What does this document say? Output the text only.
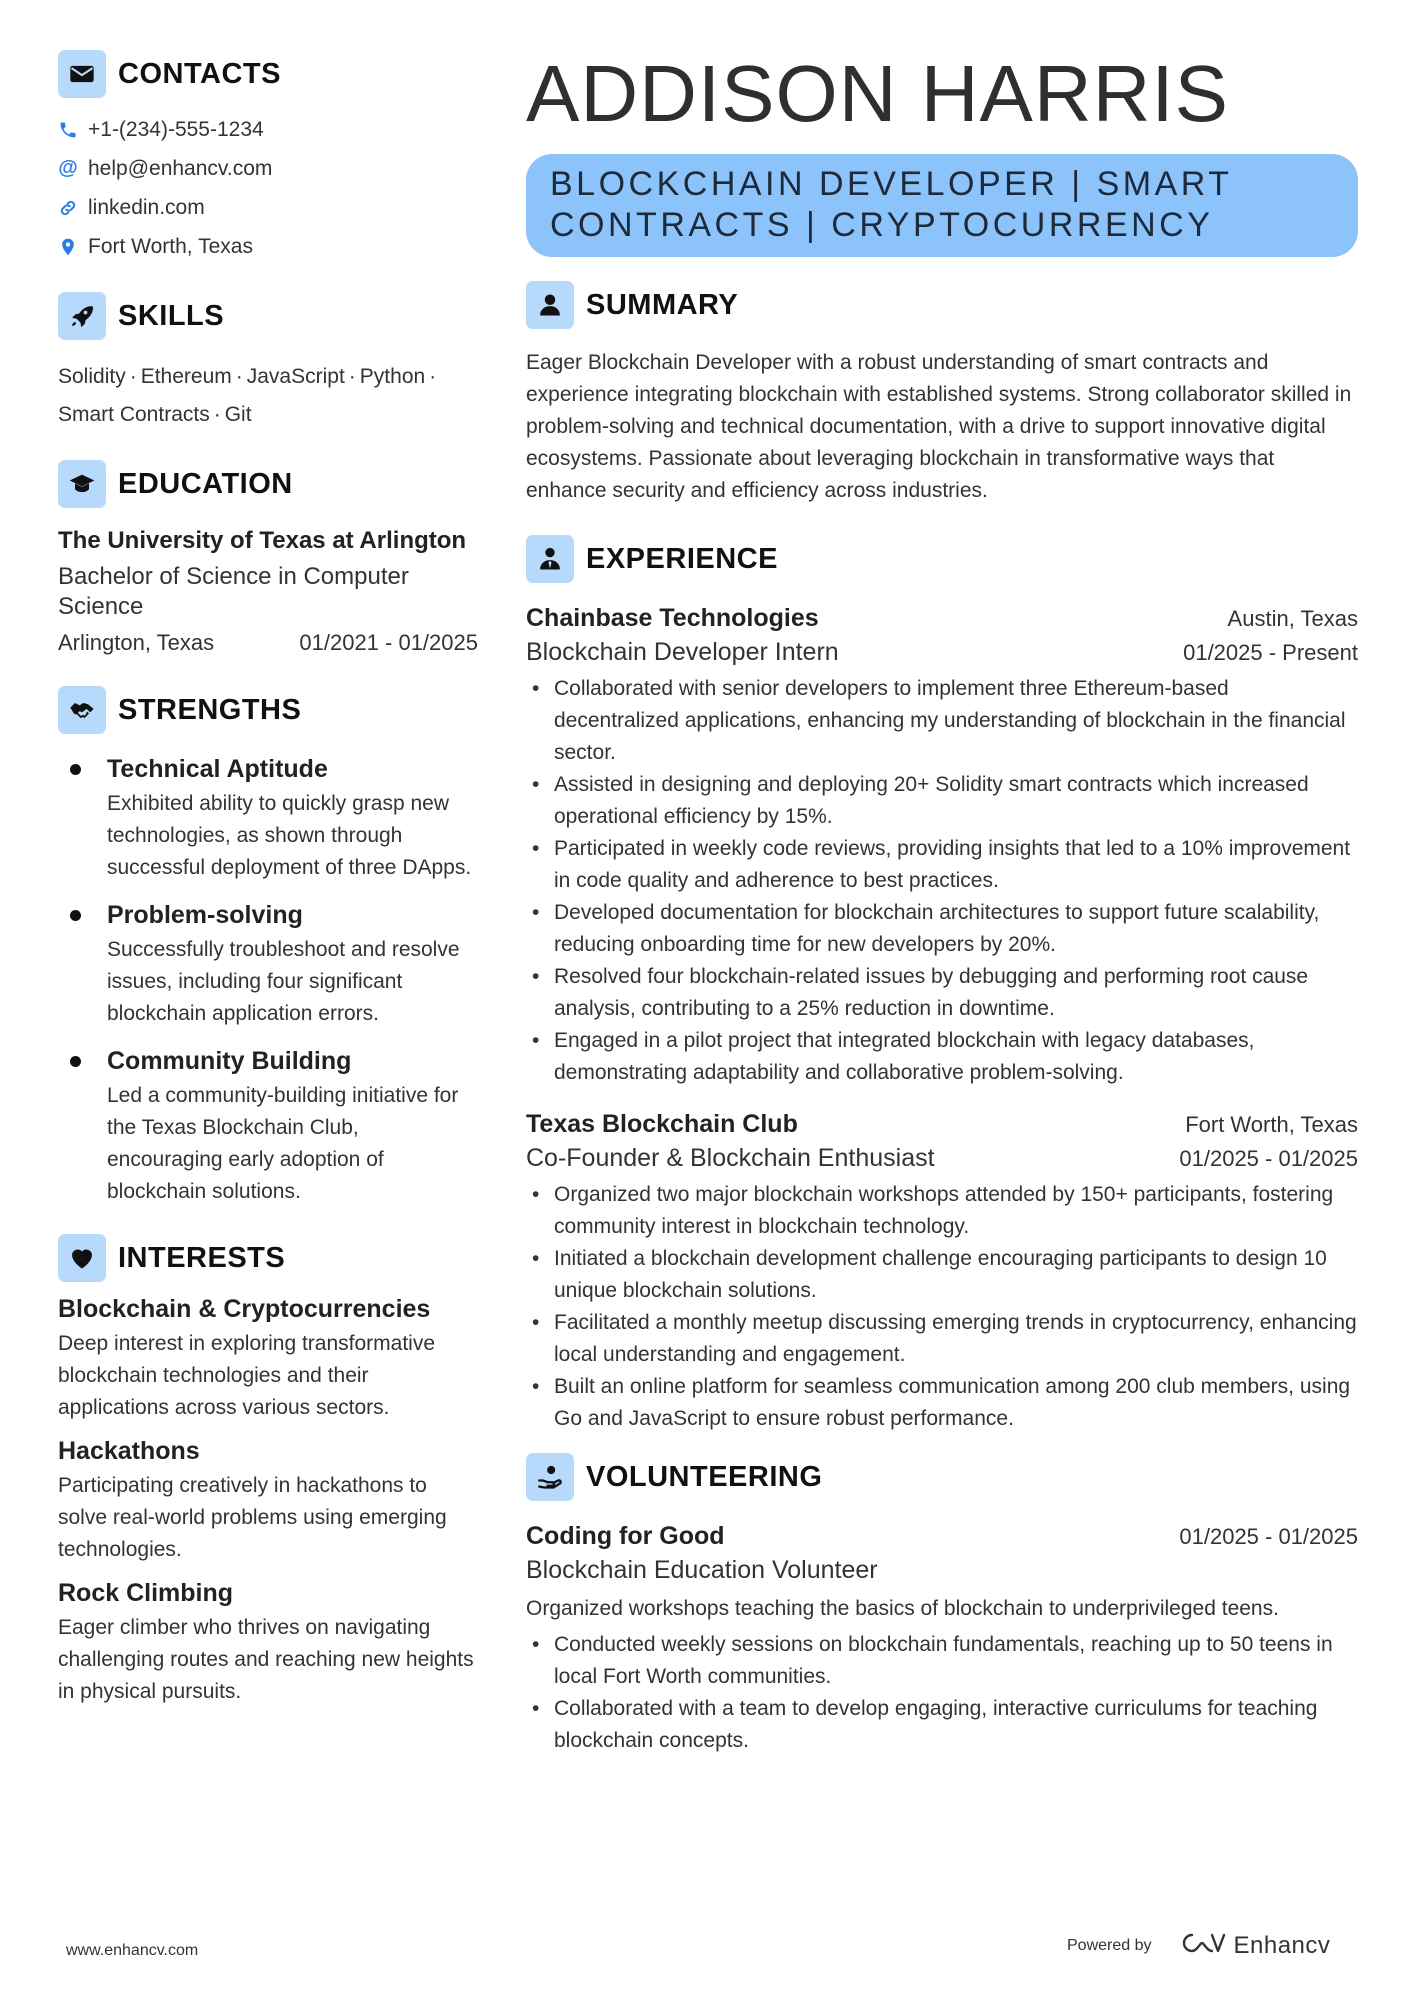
CONTACTS
+1-(234)-555-1234
@ help@enhancv.com
linkedin.com
Fort Worth, Texas
SKILLS
Solidity · Ethereum · JavaScript · Python ·
Smart Contracts · Git
EDUCATION
The University of Texas at Arlington
Bachelor of Science in Computer Science
Arlington, Texas	01/2021 - 01/2025
STRENGTHS
Technical Aptitude
Exhibited ability to quickly grasp new technologies, as shown through successful deployment of three DApps.
Problem-solving
Successfully troubleshoot and resolve issues, including four significant blockchain application errors.
Community Building
Led a community-building initiative for the Texas Blockchain Club, encouraging early adoption of blockchain solutions.
INTERESTS
Blockchain & Cryptocurrencies
Deep interest in exploring transformative blockchain technologies and their applications across various sectors.
Hackathons
Participating creatively in hackathons to solve real-world problems using emerging technologies.
Rock Climbing
Eager climber who thrives on navigating challenging routes and reaching new heights in physical pursuits.
ADDISON HARRIS
BLOCKCHAIN DEVELOPER | SMART
CONTRACTS | CRYPTOCURRENCY
SUMMARY
Eager Blockchain Developer with a robust understanding of smart contracts and experience integrating blockchain with established systems. Strong collaborator skilled in problem-solving and technical documentation, with a drive to support innovative digital ecosystems. Passionate about leveraging blockchain in transformative ways that enhance security and efficiency across industries.
EXPERIENCE
Chainbase Technologies	Austin, Texas
Blockchain Developer Intern	01/2025 - Present
• Collaborated with senior developers to implement three Ethereum-based decentralized applications, enhancing my understanding of blockchain in the financial sector.
• Assisted in designing and deploying 20+ Solidity smart contracts which increased operational efficiency by 15%.
• Participated in weekly code reviews, providing insights that led to a 10% improvement in code quality and adherence to best practices.
• Developed documentation for blockchain architectures to support future scalability, reducing onboarding time for new developers by 20%.
• Resolved four blockchain-related issues by debugging and performing root cause analysis, contributing to a 25% reduction in downtime.
• Engaged in a pilot project that integrated blockchain with legacy databases, demonstrating adaptability and collaborative problem-solving.
Texas Blockchain Club	Fort Worth, Texas
Co-Founder & Blockchain Enthusiast	01/2025 - 01/2025
• Organized two major blockchain workshops attended by 150+ participants, fostering community interest in blockchain technology.
• Initiated a blockchain development challenge encouraging participants to design 10 unique blockchain solutions.
• Facilitated a monthly meetup discussing emerging trends in cryptocurrency, enhancing local understanding and engagement.
• Built an online platform for seamless communication among 200 club members, using Go and JavaScript to ensure robust performance.
VOLUNTEERING
Coding for Good	01/2025 - 01/2025
Blockchain Education Volunteer
Organized workshops teaching the basics of blockchain to underprivileged teens.
• Conducted weekly sessions on blockchain fundamentals, reaching up to 50 teens in local Fort Worth communities.
• Collaborated with a team to develop engaging, interactive curriculums for teaching blockchain concepts.
www.enhancv.com	Powered by	Enhancv
